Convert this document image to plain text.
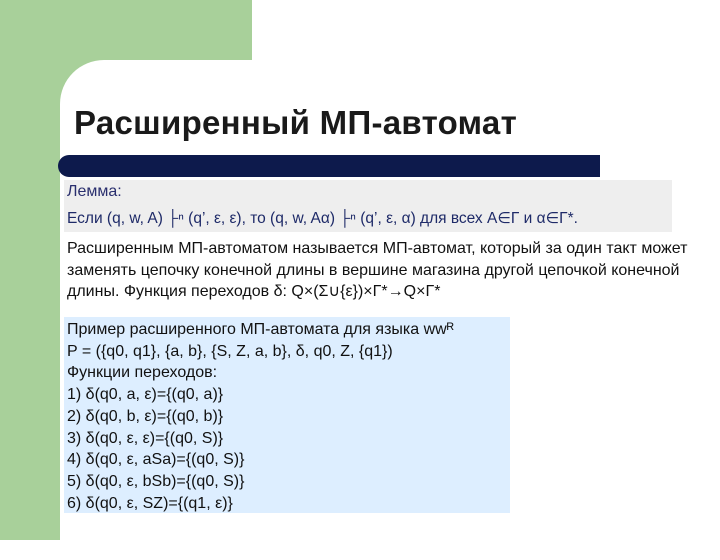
Расширенный МП-автомат
Лемма:
Если (q, w, A) ├ⁿ (q’, ε, ε), то (q, w, Aα) ├ⁿ (q’, ε, α) для всех A∈Γ и α∈Γ*.
Расширенным МП-автоматом называется МП-автомат, который за один такт может заменять цепочку конечной длины в вершине магазина другой цепочкой конечной длины. Функция переходов δ: Q×(Σ∪{ε})×Γ*→Q×Γ*
Пример расширенного МП-автомата для языка wwᴿ
P = ({q0, q1}, {a, b}, {S, Z, a, b}, δ, q0, Z, {q1})
Функции переходов:
1) δ(q0, a, ε)={(q0, a)}
2) δ(q0, b, ε)={(q0, b)}
3) δ(q0, ε, ε)={(q0, S)}
4) δ(q0, ε, aSa)={(q0, S)}
5) δ(q0, ε, bSb)={(q0, S)}
6) δ(q0, ε, SZ)={(q1, ε)}
